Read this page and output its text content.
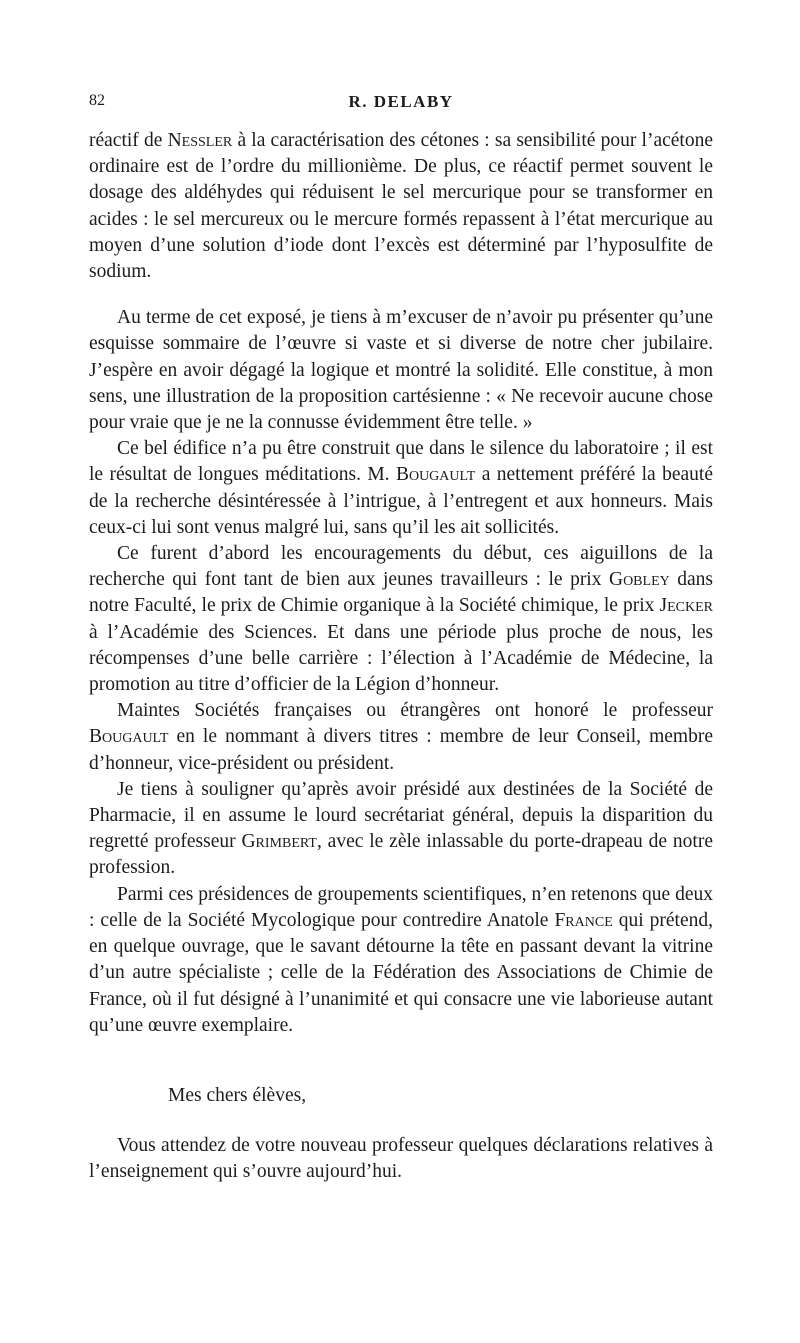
82	R. DELABY

réactif de Nessler à la caractérisation des cétones : sa sensibilité pour l’acétone ordinaire est de l’ordre du millionième. De plus, ce réactif permet souvent le dosage des aldéhydes qui réduisent le sel mercurique pour se transformer en acides : le sel mercureux ou le mercure formés repassent à l’état mercurique au moyen d’une solution d’iode dont l’excès est déterminé par l’hyposulfite de sodium.

Au terme de cet exposé, je tiens à m’excuser de n’avoir pu présenter qu’une esquisse sommaire de l’œuvre si vaste et si diverse de notre cher jubilaire. J’espère en avoir dégagé la logique et montré la solidité. Elle constitue, à mon sens, une illustration de la proposition cartésienne : « Ne recevoir aucune chose pour vraie que je ne la connusse évidemment être telle. »

Ce bel édifice n’a pu être construit que dans le silence du laboratoire ; il est le résultat de longues méditations. M. Bougault a nettement préféré la beauté de la recherche désintéressée à l’intrigue, à l’entregent et aux honneurs. Mais ceux-ci lui sont venus malgré lui, sans qu’il les ait sollicités.

Ce furent d’abord les encouragements du début, ces aiguillons de la recherche qui font tant de bien aux jeunes travailleurs : le prix Gobley dans notre Faculté, le prix de Chimie organique à la Société chimique, le prix Jecker à l’Académie des Sciences. Et dans une période plus proche de nous, les récompenses d’une belle carrière : l’élection à l’Académie de Médecine, la promotion au titre d’officier de la Légion d’honneur.

Maintes Sociétés françaises ou étrangères ont honoré le professeur Bougault en le nommant à divers titres : membre de leur Conseil, membre d’honneur, vice-président ou président.

Je tiens à souligner qu’après avoir présidé aux destinées de la Société de Pharmacie, il en assume le lourd secrétariat général, depuis la disparition du regretté professeur Grimbert, avec le zèle inlassable du porte-drapeau de notre profession.

Parmi ces présidences de groupements scientifiques, n’en retenons que deux : celle de la Société Mycologique pour contredire Anatole France qui prétend, en quelque ouvrage, que le savant détourne la tête en passant devant la vitrine d’un autre spécialiste ; celle de la Fédération des Associations de Chimie de France, où il fut désigné à l’unanimité et qui consacre une vie laborieuse autant qu’une œuvre exemplaire.

Mes chers élèves,

Vous attendez de votre nouveau professeur quelques déclarations relatives à l’enseignement qui s’ouvre aujourd’hui.
